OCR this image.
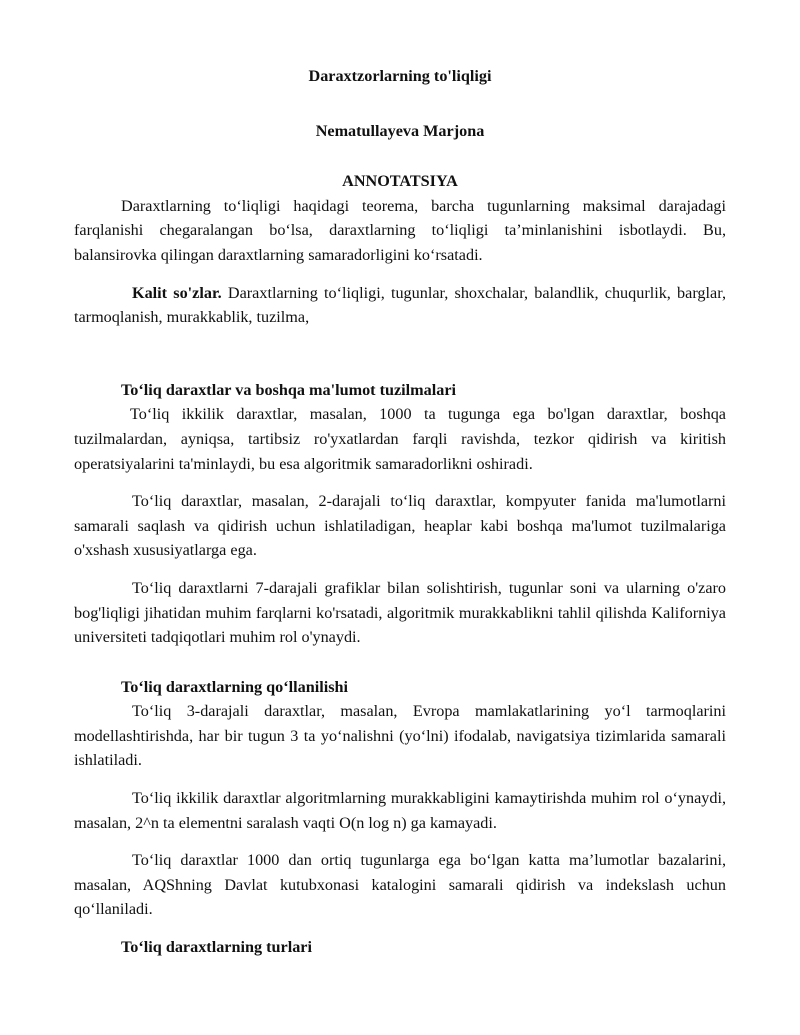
Daraxtzorlarning to'liqligi

Nematullayeva Marjona

ANNOTATSIYA

Daraxtlarning to‘liqligi haqidagi teorema, barcha tugunlarning maksimal darajadagi farqlanishi chegaralangan bo‘lsa, daraxtlarning to‘liqligi ta’minlanishini isbotlaydi. Bu, balansirovka qilingan daraxtlarning samaradorligini ko‘rsatadi.

Kalit so'zlar. Daraxtlarning to‘liqligi, tugunlar, shoxchalar, balandlik, chuqurlik, barglar, tarmoqlanish, murakkablik, tuzilma,

To‘liq daraxtlar va boshqa ma'lumot tuzilmalari

To‘liq ikkilik daraxtlar, masalan, 1000 ta tugunga ega bo'lgan daraxtlar, boshqa tuzilmalardan, ayniqsa, tartibsiz ro'yxatlardan farqli ravishda, tezkor qidirish va kiritish operatsiyalarini ta'minlaydi, bu esa algoritmik samaradorlikni oshiradi.

To‘liq daraxtlar, masalan, 2-darajali to‘liq daraxtlar, kompyuter fanida ma'lumotlarni samarali saqlash va qidirish uchun ishlatiladigan, heaplar kabi boshqa ma'lumot tuzilmalariga o'xshash xususiyatlarga ega.

To‘liq daraxtlarni 7-darajali grafiklar bilan solishtirish, tugunlar soni va ularning o'zaro bog'liqligi jihatidan muhim farqlarni ko'rsatadi, algoritmik murakkablikni tahlil qilishda Kaliforniya universiteti tadqiqotlari muhim rol o'ynaydi.

To‘liq daraxtlarning qo‘llanilishi

To‘liq 3-darajali daraxtlar, masalan, Evropa mamlakatlarining yo‘l tarmoqlarini modellashtirishda, har bir tugun 3 ta yo‘nalishni (yo‘lni) ifodalab, navigatsiya tizimlarida samarali ishlatiladi.

To‘liq ikkilik daraxtlar algoritmlarning murakkabligini kamaytirishda muhim rol o‘ynaydi, masalan, 2^n ta elementni saralash vaqti O(n log n) ga kamayadi.

To‘liq daraxtlar 1000 dan ortiq tugunlarga ega bo‘lgan katta ma’lumotlar bazalarini, masalan, AQShning Davlat kutubxonasi katalogini samarali qidirish va indekslash uchun qo‘llaniladi.

To‘liq daraxtlarning turlari
